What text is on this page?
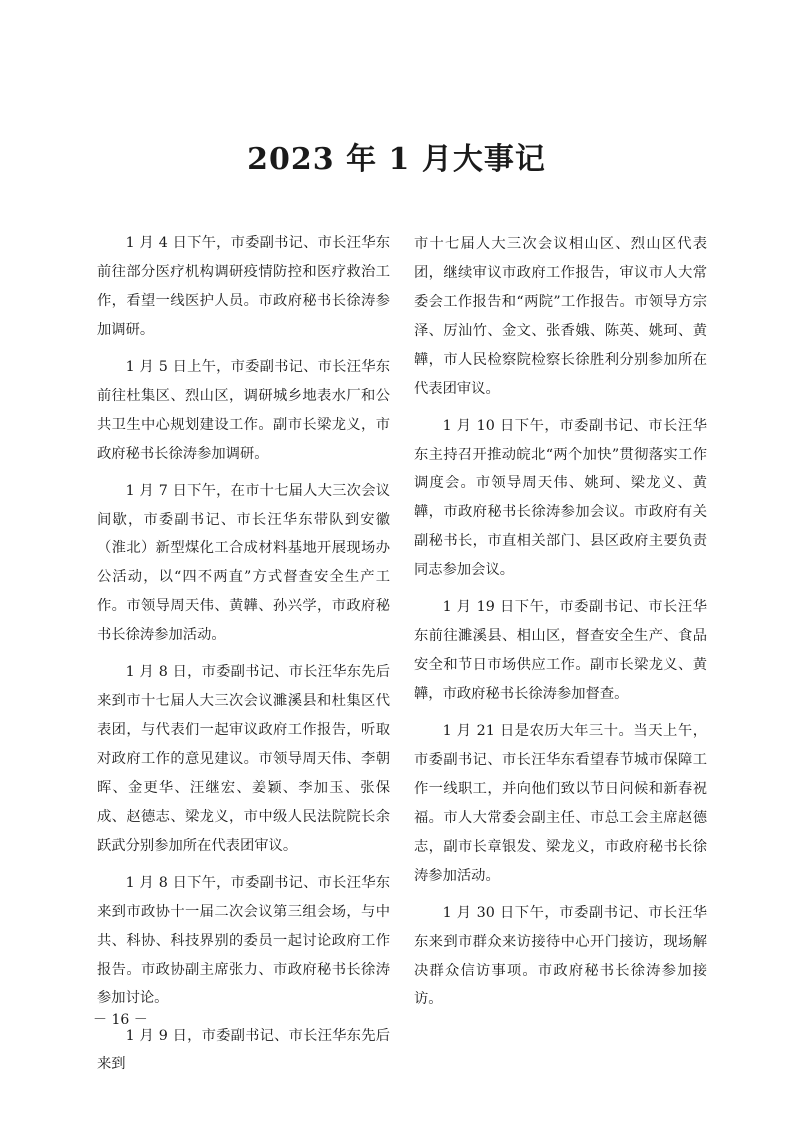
2023 年 1 月大事记

1 月 4 日下午，市委副书记、市长汪华东前往部分医疗机构调研疫情防控和医疗救治工作，看望一线医护人员。市政府秘书长徐涛参加调研。

1 月 5 日上午，市委副书记、市长汪华东前往杜集区、烈山区，调研城乡地表水厂和公共卫生中心规划建设工作。副市长梁龙义，市政府秘书长徐涛参加调研。

1 月 7 日下午，在市十七届人大三次会议间歇，市委副书记、市长汪华东带队到安徽（淮北）新型煤化工合成材料基地开展现场办公活动，以“四不两直”方式督查安全生产工作。市领导周天伟、黄韡、孙兴学，市政府秘书长徐涛参加活动。

1 月 8 日，市委副书记、市长汪华东先后来到市十七届人大三次会议濉溪县和杜集区代表团，与代表们一起审议政府工作报告，听取对政府工作的意见建议。市领导周天伟、李朝晖、金更华、汪继宏、姜颖、李加玉、张保成、赵德志、梁龙义，市中级人民法院院长余跃武分别参加所在代表团审议。

1 月 8 日下午，市委副书记、市长汪华东来到市政协十一届二次会议第三组会场，与中共、科协、科技界别的委员一起讨论政府工作报告。市政协副主席张力、市政府秘书长徐涛参加讨论。

1 月 9 日，市委副书记、市长汪华东先后来到

市十七届人大三次会议相山区、烈山区代表团，继续审议市政府工作报告，审议市人大常委会工作报告和“两院”工作报告。市领导方宗泽、厉汕竹、金文、张香娥、陈英、姚珂、黄韡，市人民检察院检察长徐胜利分别参加所在代表团审议。

1 月 10 日下午，市委副书记、市长汪华东主持召开推动皖北“两个加快”贯彻落实工作调度会。市领导周天伟、姚珂、梁龙义、黄韡，市政府秘书长徐涛参加会议。市政府有关副秘书长，市直相关部门、县区政府主要负责同志参加会议。

1 月 19 日下午，市委副书记、市长汪华东前往濉溪县、相山区，督查安全生产、食品安全和节日市场供应工作。副市长梁龙义、黄韡，市政府秘书长徐涛参加督查。

1 月 21 日是农历大年三十。当天上午，市委副书记、市长汪华东看望春节城市保障工作一线职工，并向他们致以节日问候和新春祝福。市人大常委会副主任、市总工会主席赵德志，副市长章银发、梁龙义，市政府秘书长徐涛参加活动。

1 月 30 日下午，市委副书记、市长汪华东来到市群众来访接待中心开门接访，现场解决群众信访事项。市政府秘书长徐涛参加接访。

－ 16 －
